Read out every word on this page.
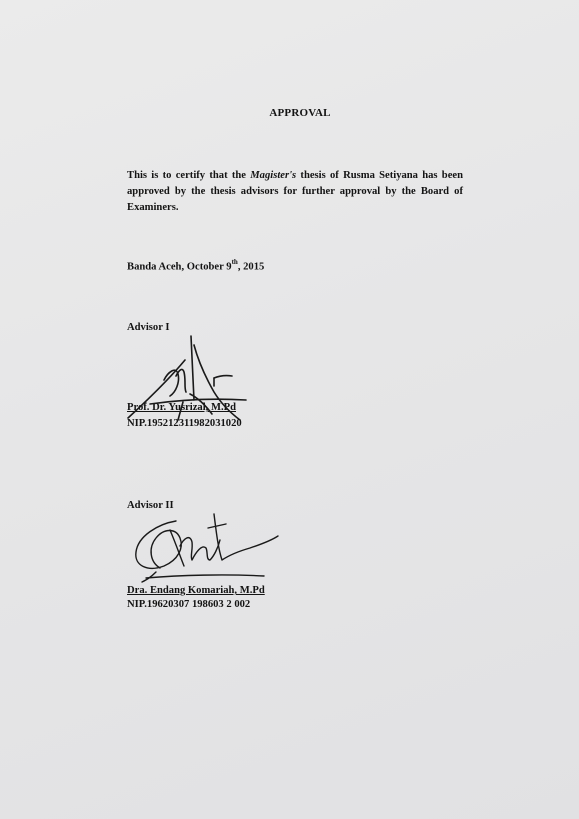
APPROVAL
This is to certify that the Magister's thesis of Rusma Setiyana has been approved by the thesis advisors for further approval by the Board of Examiners.
Banda Aceh, October 9th, 2015
Advisor I
Prof. Dr. Yusrizal, M.Pd
NIP.195212311982031020
Advisor II
Dra. Endang Komariah, M.Pd
NIP.19620307 198603 2 002
